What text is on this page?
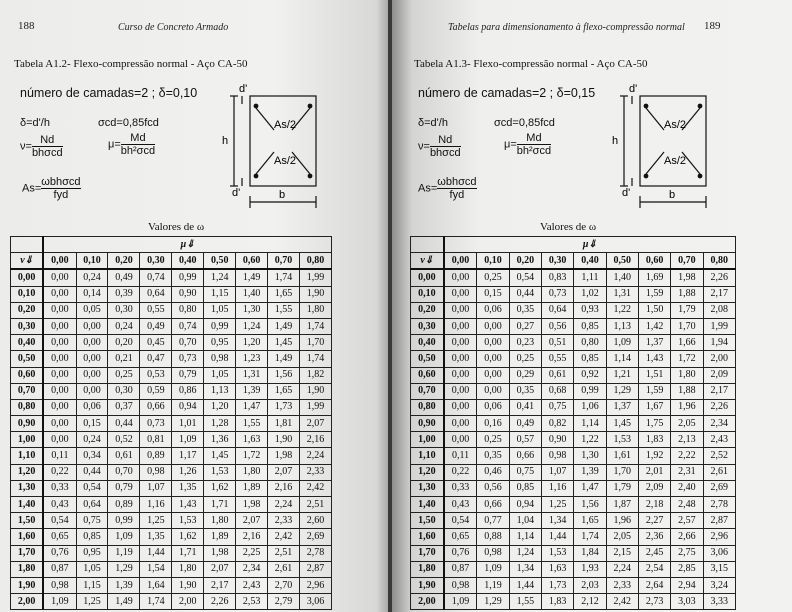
188	Curso de Concreto Armado
Tabela A1.2- Flexo-compressão normal - Aço CA-50
número de camadas=2 ; δ=0,10
δ=d'/h	σcd=0,85fcd
$\nu= \frac{Nd}{\text{bhσcd}}$	$\mu= \frac{Md}{\text{bh²σcd}}$
$As= \frac{\text{ωbhσcd}}{\text{fyd}}$
d'
d'
h
b
As/2
As/2
Valores de ω
	μ⇓								
ν⇓	0,00	0,10	0,20	0,30	0,40	0,50	0,60	0,70	0,80
0,00	0,00	0,24	0,49	0,74	0,99	1,24	1,49	1,74	1,99
0,10	0,00	0,14	0,39	0,64	0,90	1,15	1,40	1,65	1,90
0,20	0,00	0,05	0,30	0,55	0,80	1,05	1,30	1,55	1,80
0,30	0,00	0,00	0,24	0,49	0,74	0,99	1,24	1,49	1,74
0,40	0,00	0,00	0,20	0,45	0,70	0,95	1,20	1,45	1,70
0,50	0,00	0,00	0,21	0,47	0,73	0,98	1,23	1,49	1,74
0,60	0,00	0,00	0,25	0,53	0,79	1,05	1,31	1,56	1,82
0,70	0,00	0,00	0,30	0,59	0,86	1,13	1,39	1,65	1,90
0,80	0,00	0,06	0,37	0,66	0,94	1,20	1,47	1,73	1,99
0,90	0,00	0,15	0,44	0,73	1,01	1,28	1,55	1,81	2,07
1,00	0,00	0,24	0,52	0,81	1,09	1,36	1,63	1,90	2,16
1,10	0,11	0,34	0,61	0,89	1,17	1,45	1,72	1,98	2,24
1,20	0,22	0,44	0,70	0,98	1,26	1,53	1,80	2,07	2,33
1,30	0,33	0,54	0,79	1,07	1,35	1,62	1,89	2,16	2,42
1,40	0,43	0,64	0,89	1,16	1,43	1,71	1,98	2,24	2,51
1,50	0,54	0,75	0,99	1,25	1,53	1,80	2,07	2,33	2,60
1,60	0,65	0,85	1,09	1,35	1,62	1,89	2,16	2,42	2,69
1,70	0,76	0,95	1,19	1,44	1,71	1,98	2,25	2,51	2,78
1,80	0,87	1,05	1,29	1,54	1,80	2,07	2,34	2,61	2,87
1,90	0,98	1,15	1,39	1,64	1,90	2,17	2,43	2,70	2,96
2,00	1,09	1,25	1,49	1,74	2,00	2,26	2,53	2,79	3,06
Tabelas para dimensionamento à flexo-compressão normal 189
Tabela A1.3- Flexo-compressão normal - Aço CA-50
número de camadas=2 ; δ=0,15
δ=d'/h	σcd=0,85fcd
$\nu= \frac{Nd}{\text{bhσcd}}$	$\mu= \frac{Md}{\text{bh²σcd}}$
$As= \frac{\text{ωbhσcd}}{\text{fyd}}$
d'
d'
h
b
As/2
As/2
Valores de ω
	μ⇓								
ν⇓	0,00	0,10	0,20	0,30	0,40	0,50	0,60	0,70	0,80
0,00	0,00	0,25	0,54	0,83	1,11	1,40	1,69	1,98	2,26
0,10	0,00	0,15	0,44	0,73	1,02	1,31	1,59	1,88	2,17
0,20	0,00	0,06	0,35	0,64	0,93	1,22	1,50	1,79	2,08
0,30	0,00	0,00	0,27	0,56	0,85	1,13	1,42	1,70	1,99
0,40	0,00	0,00	0,23	0,51	0,80	1,09	1,37	1,66	1,94
0,50	0,00	0,00	0,25	0,55	0,85	1,14	1,43	1,72	2,00
0,60	0,00	0,00	0,29	0,61	0,92	1,21	1,51	1,80	2,09
0,70	0,00	0,00	0,35	0,68	0,99	1,29	1,59	1,88	2,17
0,80	0,00	0,06	0,41	0,75	1,06	1,37	1,67	1,96	2,26
0,90	0,00	0,16	0,49	0,82	1,14	1,45	1,75	2,05	2,34
1,00	0,00	0,25	0,57	0,90	1,22	1,53	1,83	2,13	2,43
1,10	0,11	0,35	0,66	0,98	1,30	1,61	1,92	2,22	2,52
1,20	0,22	0,46	0,75	1,07	1,39	1,70	2,01	2,31	2,61
1,30	0,33	0,56	0,85	1,16	1,47	1,79	2,09	2,40	2,69
1,40	0,43	0,66	0,94	1,25	1,56	1,87	2,18	2,48	2,78
1,50	0,54	0,77	1,04	1,34	1,65	1,96	2,27	2,57	2,87
1,60	0,65	0,88	1,14	1,44	1,74	2,05	2,36	2,66	2,96
1,70	0,76	0,98	1,24	1,53	1,84	2,15	2,45	2,75	3,06
1,80	0,87	1,09	1,34	1,63	1,93	2,24	2,54	2,85	3,15
1,90	0,98	1,19	1,44	1,73	2,03	2,33	2,64	2,94	3,24
2,00	1,09	1,29	1,55	1,83	2,12	2,42	2,73	3,03	3,33
